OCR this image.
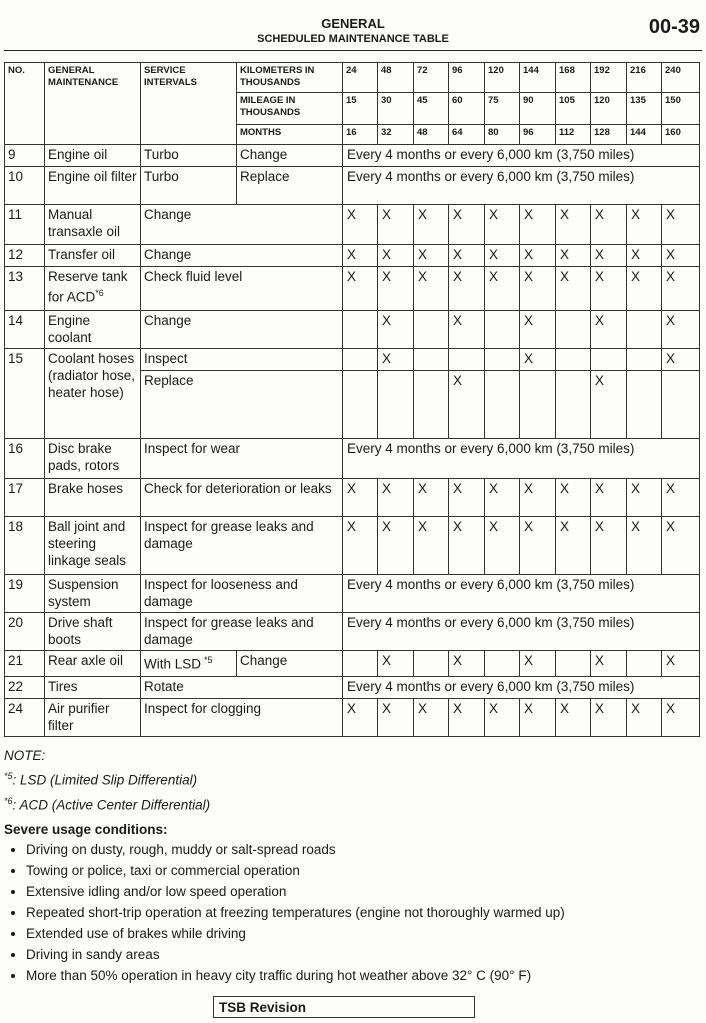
GENERAL
SCHEDULED MAINTENANCE TABLE
00-39
NO.	GENERAL MAINTENANCE	SERVICE INTERVALS	KILOMETERS IN THOUSANDS	24	48	72	96	120	144	168	192	216	240
			MILEAGE IN THOUSANDS	15	30	45	60	75	90	105	120	135	150
			MONTHS	16	32	48	64	80	96	112	128	144	160
9	Engine oil	Turbo	Change	Every 4 months or every 6,000 km (3,750 miles)									
10	Engine oil filter	Turbo	Replace	Every 4 months or every 6,000 km (3,750 miles)									
11	Manual transaxle oil	Change		X	X	X	X	X	X	X	X	X	X
12	Transfer oil	Change		X	X	X	X	X	X	X	X	X	X
13	Reserve tank for ACD$^{*6}$	Check fluid level		X	X	X	X	X	X	X	X	X	X
14	Engine coolant	Change			X		X		X		X		X
15	Coolant hoses (radiator hose, heater hose)	Inspect			X				X				X
		Replace					X				X		
16	Disc brake pads, rotors	Inspect for wear		Every 4 months or every 6,000 km (3,750 miles)									
17	Brake hoses	Check for deterioration or leaks		X	X	X	X	X	X	X	X	X	X
18	Ball joint and steering linkage seals	Inspect for grease leaks and damage		X	X	X	X	X	X	X	X	X	X
19	Suspension system	Inspect for looseness and damage		Every 4 months or every 6,000 km (3,750 miles)									
20	Drive shaft boots	Inspect for grease leaks and damage		Every 4 months or every 6,000 km (3,750 miles)									
21	Rear axle oil	With LSD $^{*5}$	Change		X		X		X		X		X
22	Tires	Rotate		Every 4 months or every 6,000 km (3,750 miles)									
24	Air purifier filter	Inspect for clogging		X	X	X	X	X	X	X	X	X	X
NOTE:
$^{*5}$: LSD (Limited Slip Differential)
$^{*6}$: ACD (Active Center Differential)
Severe usage conditions:
• Driving on dusty, rough, muddy or salt-spread roads
• Towing or police, taxi or commercial operation
• Extensive idling and/or low speed operation
• Repeated short-trip operation at freezing temperatures (engine not thoroughly warmed up)
• Extended use of brakes while driving
• Driving in sandy areas
• More than 50% operation in heavy city traffic during hot weather above 32° C (90° F)
TSB Revision
